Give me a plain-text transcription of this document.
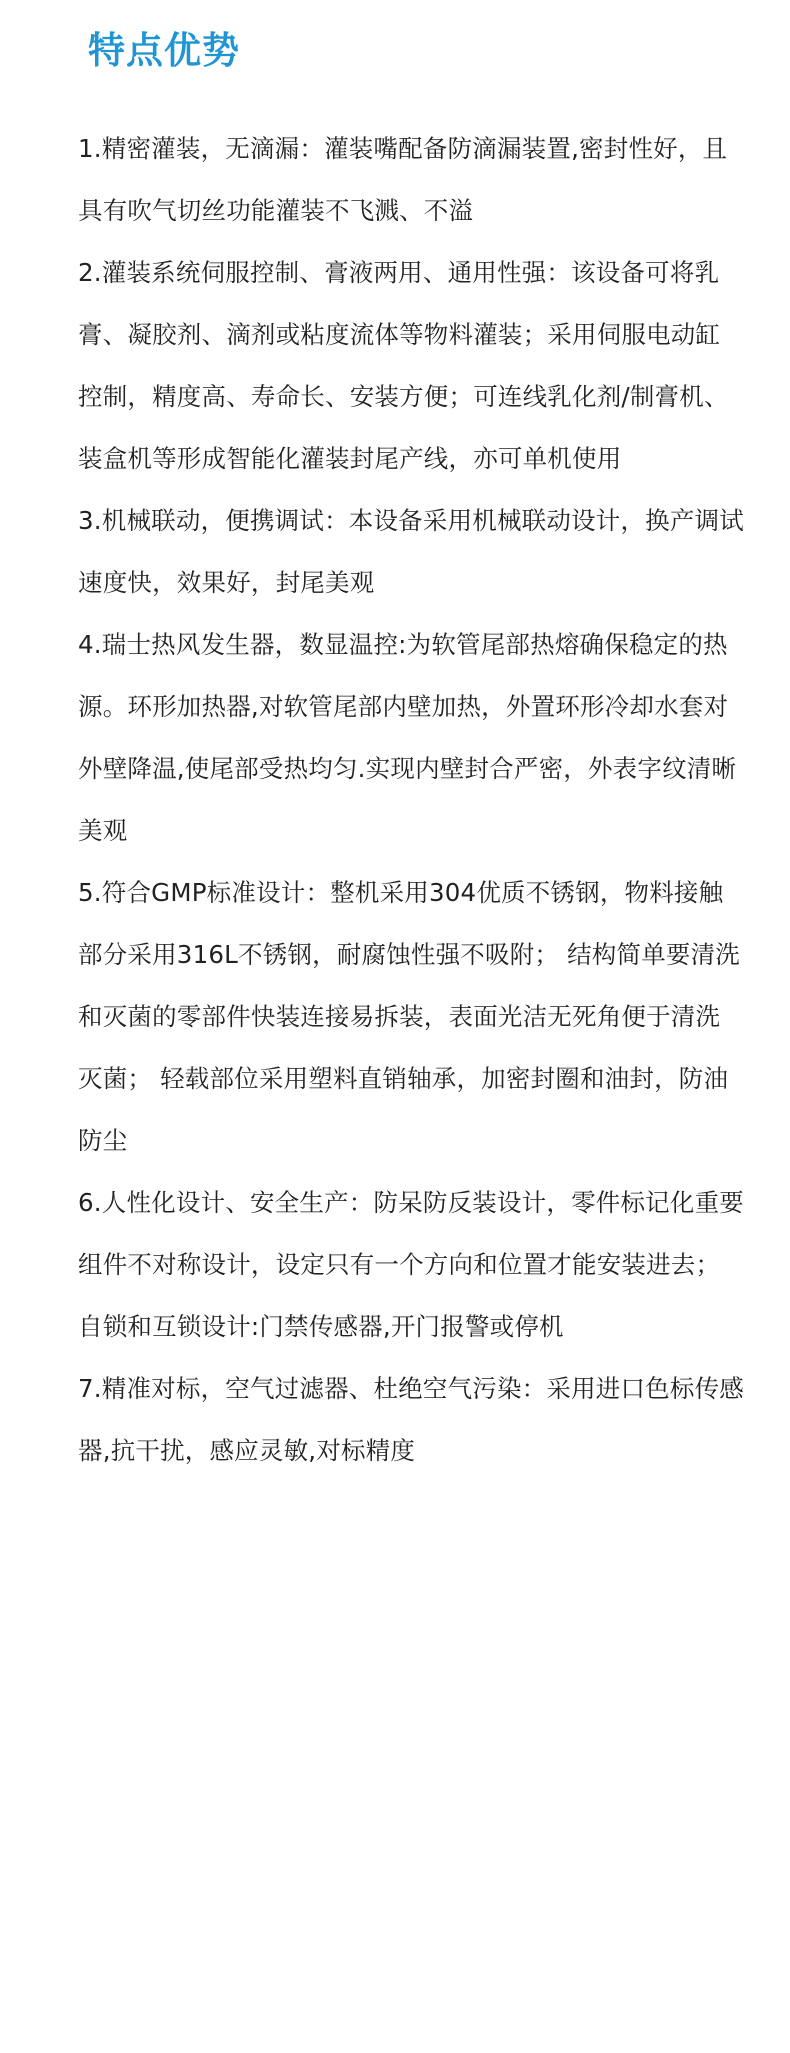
特点优势
1.精密灌装，无滴漏：灌装嘴配备防滴漏装置,密封性好，且具有吹气切丝功能灌装不飞溅、不溢
2.灌装系统伺服控制、膏液两用、通用性强：该设备可将乳膏、凝胶剂、滴剂或粘度流体等物料灌装；采用伺服电动缸控制，精度高、寿命长、安装方便；可连线乳化剂/制膏机、装盒机等形成智能化灌装封尾产线，亦可单机使用
3.机械联动，便携调试：本设备采用机械联动设计，换产调试速度快，效果好，封尾美观
4.瑞士热风发生器，数显温控:为软管尾部热熔确保稳定的热源。环形加热器,对软管尾部内壁加热，外置环形冷却水套对外壁降温,使尾部受热均匀.实现内壁封合严密，外表字纹清晰美观
5.符合GMP标准设计：整机采用304优质不锈钢，物料接触部分采用316L不锈钢，耐腐蚀性强不吸附； 结构简单要清洗和灭菌的零部件快装连接易拆装，表面光洁无死角便于清洗灭菌； 轻载部位采用塑料直销轴承，加密封圈和油封，防油防尘
6.人性化设计、安全生产：防呆防反装设计，零件标记化重要组件不对称设计，设定只有一个方向和位置才能安装进去；自锁和互锁设计:门禁传感器,开门报警或停机
7.精准对标，空气过滤器、杜绝空气污染：采用进口色标传感器,抗干扰，感应灵敏,对标精度
